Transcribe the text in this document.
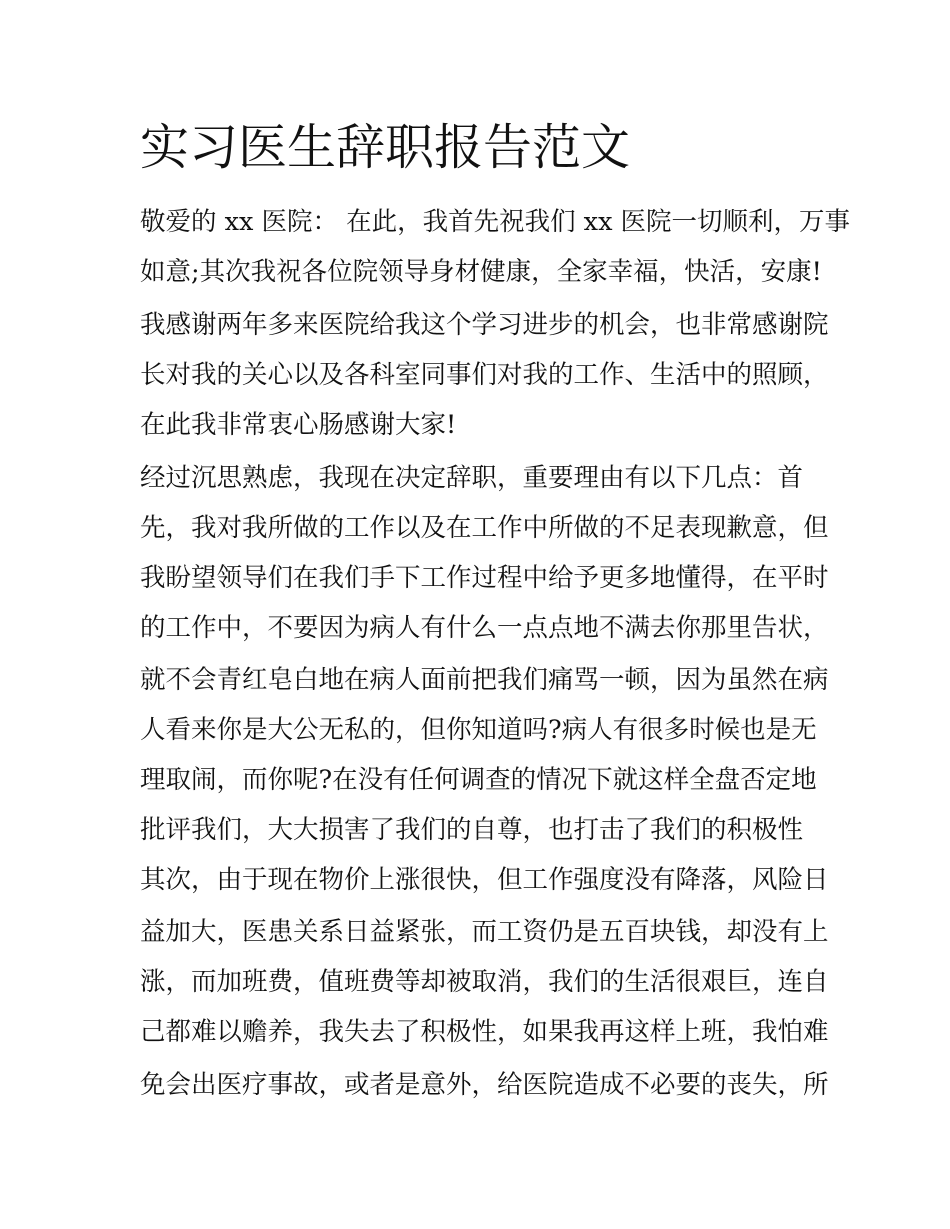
实习医生辞职报告范文
敬爱的 xx 医院： 在此，我首先祝我们 xx 医院一切顺利，万事
如意;其次我祝各位院领导身材健康，全家幸福，快活，安康!
我感谢两年多来医院给我这个学习进步的机会，也非常感谢院
长对我的关心以及各科室同事们对我的工作、生活中的照顾，
在此我非常衷心肠感谢大家!
经过沉思熟虑，我现在决定辞职，重要理由有以下几点：首
先，我对我所做的工作以及在工作中所做的不足表现歉意，但
我盼望领导们在我们手下工作过程中给予更多地懂得，在平时
的工作中，不要因为病人有什么一点点地不满去你那里告状，
就不会青红皂白地在病人面前把我们痛骂一顿，因为虽然在病
人看来你是大公无私的，但你知道吗?病人有很多时候也是无
理取闹，而你呢?在没有任何调查的情况下就这样全盘否定地
批评我们，大大损害了我们的自尊，也打击了我们的积极性
其次，由于现在物价上涨很快，但工作强度没有降落，风险日
益加大，医患关系日益紧张，而工资仍是五百块钱，却没有上
涨，而加班费，值班费等却被取消，我们的生活很艰巨，连自
己都难以赡养，我失去了积极性，如果我再这样上班，我怕难
免会出医疗事故，或者是意外，给医院造成不必要的丧失，所
